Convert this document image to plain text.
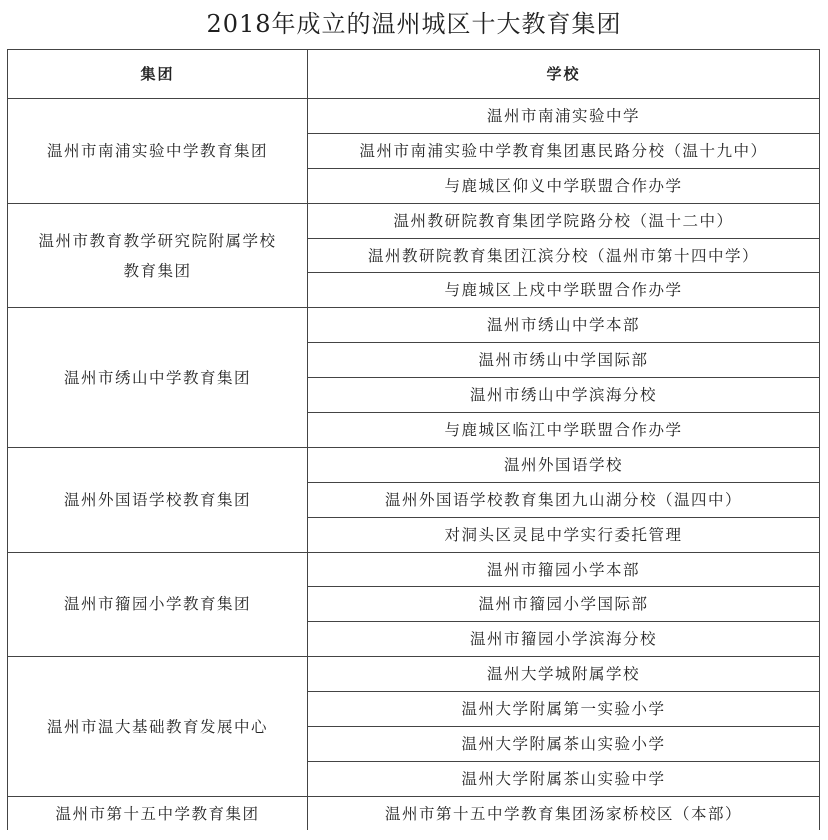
2018年成立的温州城区十大教育集团
集团	学校

温州市南浦实验中学教育集团	温州市南浦实验中学
	温州市南浦实验中学教育集团惠民路分校（温十九中）
	与鹿城区仰义中学联盟合作办学

温州市教育教学研究院附属学校
教育集团	温州教研院教育集团学院路分校（温十二中）
	温州教研院教育集团江滨分校（温州市第十四中学）
	与鹿城区上戍中学联盟合作办学

温州市绣山中学教育集团	温州市绣山中学本部
	温州市绣山中学国际部
	温州市绣山中学滨海分校
	与鹿城区临江中学联盟合作办学

温州外国语学校教育集团	温州外国语学校
	温州外国语学校教育集团九山湖分校（温四中）
	对洞头区灵昆中学实行委托管理

温州市籀园小学教育集团	温州市籀园小学本部
	温州市籀园小学国际部
	温州市籀园小学滨海分校

温州市温大基础教育发展中心	温州大学城附属学校
	温州大学附属第一实验小学
	温州大学附属茶山实验小学
	温州大学附属茶山实验中学

温州市第十五中学教育集团	温州市第十五中学教育集团汤家桥校区（本部）
